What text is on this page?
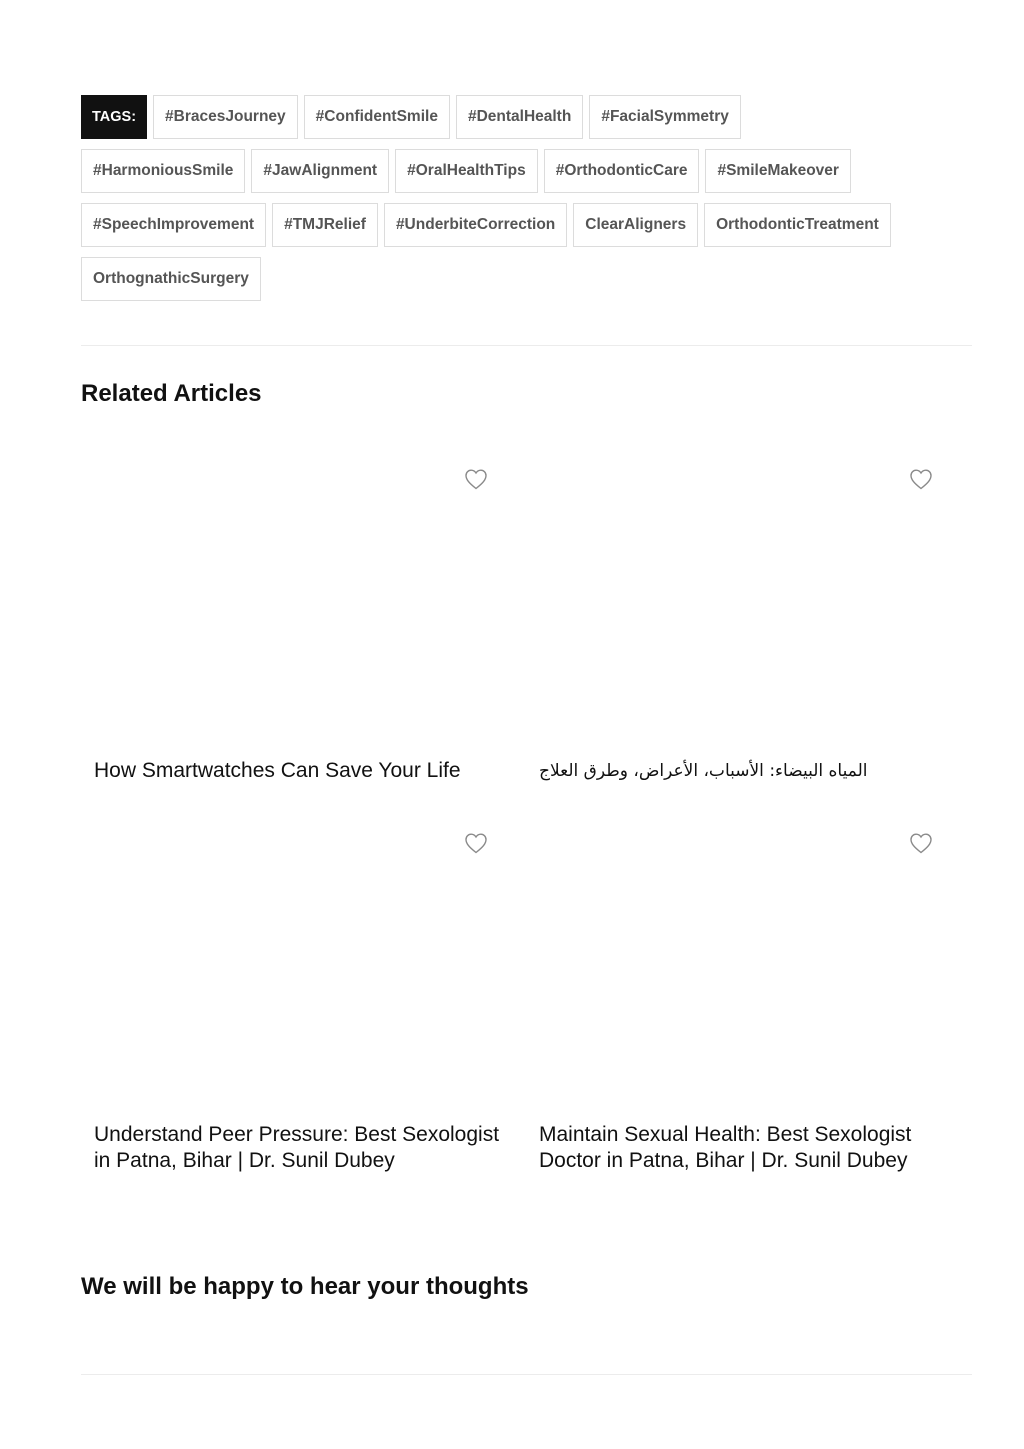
TAGS:	#BracesJourney	#ConfidentSmile	#DentalHealth	#FacialSymmetry
#HarmoniousSmile	#JawAlignment	#OralHealthTips	#OrthodonticCare	#SmileMakeover
#SpeechImprovement	#TMJRelief	#UnderbiteCorrection	ClearAligners	OrthodonticTreatment
OrthognathicSurgery
Related Articles
How Smartwatches Can Save Your Life	المياه البيضاء: الأسباب، الأعراض، وطرق العلاج
Understand Peer Pressure: Best Sexologist in Patna, Bihar | Dr. Sunil Dubey
Maintain Sexual Health: Best Sexologist Doctor in Patna, Bihar | Dr. Sunil Dubey
We will be happy to hear your thoughts
